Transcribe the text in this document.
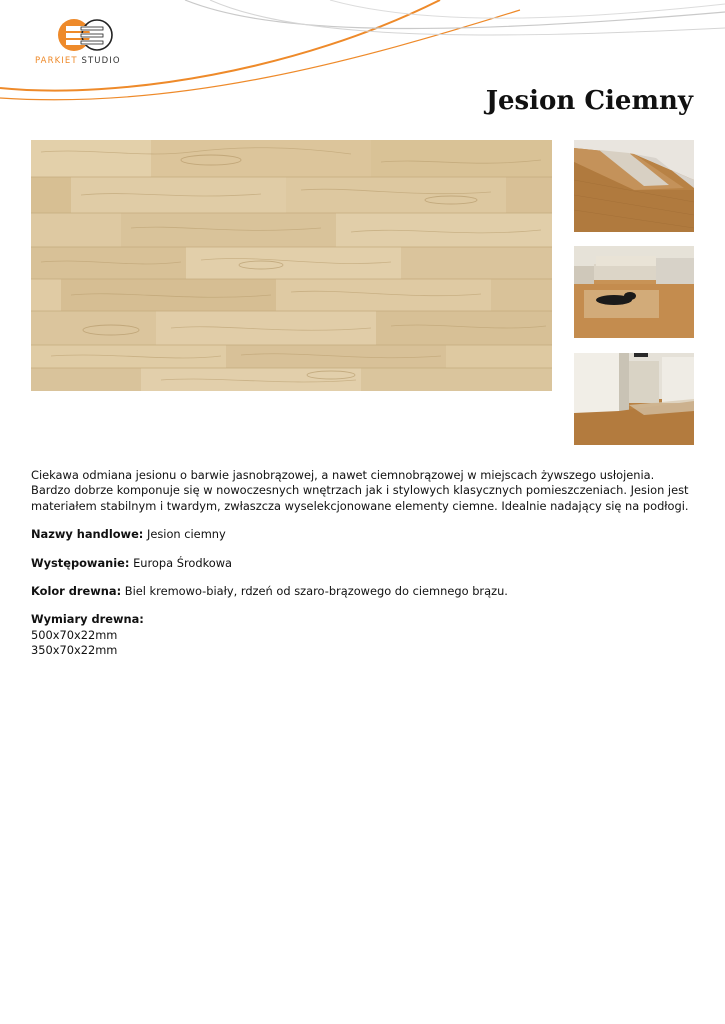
PARKIET STUDIO
Jesion Ciemny

Ciekawa odmiana jesionu o barwie jasnobrązowej, a nawet ciemnobrązowej w miejscach żywszego usłojenia. Bardzo dobrze komponuje się w nowoczesnych wnętrzach jak i stylowych klasycznych pomieszczeniach. Jesion jest materiałem stabilnym i twardym, zwłaszcza wyselekcjonowane elementy ciemne. Idealnie nadający się na podłogi.

Nazwy handlowe: Jesion ciemny

Występowanie: Europa Środkowa

Kolor drewna: Biel kremowo-biały, rdzeń od szaro-brązowego do ciemnego brązu.

Wymiary drewna:
500x70x22mm
350x70x22mm
